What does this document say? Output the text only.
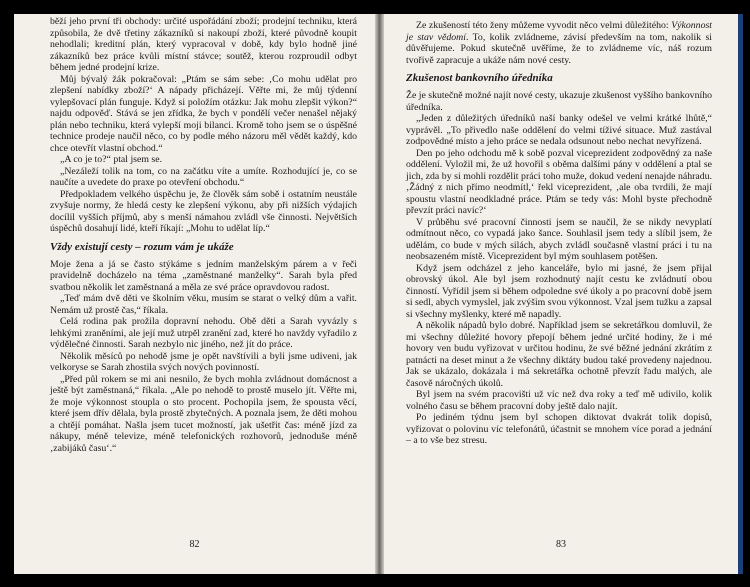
běží jeho první tři obchody: určité uspořádání zboží; prodejní techniku, která způsobila, že dvě třetiny zákazníků si nakoupí zboží, které původně koupit nehodlali; kreditní plán, který vypracoval v době, kdy bylo hodně jiné zákazníků bez práce kvůli místní stávce; soutěž, kterou rozproudil odbyt během jedné prodejní krize.

Můj bývalý žák pokračoval: „Ptám se sám sebe: ‚Co mohu udělat pro zlepšení nabídky zboží?‘ A nápady přicházejí. Věřte mi, že můj týdenní vylepšovací plán funguje. Když si položím otázku: Jak mohu zlepšit výkon?“ najdu odpověď. Stává se jen zřídka, že bych v pondělí večer nenašel nějaký plán nebo techniku, která vylepší moji bilanci. Kromě toho jsem se o úspěšné technice prodeje naučil něco, co by podle mého názoru měl vědět každý, kdo chce otevřít vlastní obchod.“

„A co je to?“ ptal jsem se.

„Nezáleží tolik na tom, co na začátku víte a umíte. Rozhodující je, co se naučíte a uvedete do praxe po otevření obchodu.“

Předpokladem velkého úspěchu je, že člověk sám sobě i ostatním neustále zvyšuje normy, že hledá cesty ke zlepšení výkonu, aby při nižších výdajích docílil vyšších příjmů, aby s menší námahou zvládl vše činnosti. Největších úspěchů dosahují lidé, kteří říkají: „Mohu to udělat líp.“

Vždy existují cesty – rozum vám je ukáže

Moje žena a já se často stýkáme s jedním manželským párem a v řeči pravidelně docházelo na téma „zaměstnané manželky“. Sarah byla před svatbou několik let zaměstnaná a měla ze své práce opravdovou radost.

„Teď mám dvě děti ve školním věku, musím se starat o velký dům a vařit. Nemám už prostě čas,“ říkala.

Celá rodina pak prožila dopravní nehodu. Obě děti a Sarah vyvázly s lehkými zraněními, ale její muž utrpěl zranění zad, které ho navždy vyřadilo z výdělečné činnosti. Sarah nezbylo nic jiného, než jít do práce.

Několik měsíců po nehodě jsme je opět navštívili a byli jsme udiveni, jak velkoryse se Sarah zhostila svých nových povinností.

„Před půl rokem se mi ani nesnilo, že bych mohla zvládnout domácnost a ještě být zaměstnaná,“ říkala. „Ale po nehodě to prostě muselo jít. Věřte mi, že moje výkonnost stoupla o sto procent. Pochopila jsem, že spousta věcí, které jsem dřív dělala, byla prostě zbytečných. A poznala jsem, že děti mohou a chtějí pomáhat. Našla jsem tucet možností, jak ušetřit čas: méně jízd za nákupy, méně televize, méně telefonických rozhovorů, jednoduše méně ‚zabijáků času‘.“

82

Ze zkušeností této ženy můžeme vyvodit něco velmi důležitého: Výkonnost je stav vědomí. To, kolik zvládneme, závisí především na tom, nakolik si důvěřujeme. Pokud skutečně uvěříme, že to zvládneme víc, náš rozum tvořivě zapracuje a ukáže nám nové cesty.

Zkušenost bankovního úředníka

Že je skutečně možné najít nové cesty, ukazuje zkušenost vyššího bankovního úředníka.

„Jeden z důležitých úředníků naší banky odešel ve velmi krátké lhůtě,“ vyprávěl. „To přivedlo naše oddělení do velmi tíživé situace. Muž zastával zodpovědné místo a jeho práce se nedala odsunout nebo nechat nevyřízená.

Den po jeho odchodu mě k sobě pozval viceprezident zodpovědný za naše oddělení. Vyložil mi, že už hovořil s oběma dalšími pány v oddělení a ptal se jich, zda by si mohli rozdělit práci toho muže, dokud vedení nenajde náhradu. ‚Žádný z nich přímo neodmítl,‘ řekl viceprezident, ‚ale oba tvrdili, že mají spoustu vlastní neodkladné práce. Ptám se tedy vás: Mohl byste přechodně převzít práci navíc?‘

V průběhu své pracovní činnosti jsem se naučil, že se nikdy nevyplatí odmítnout něco, co vypadá jako šance. Souhlasil jsem tedy a slíbil jsem, že udělám, co bude v mých silách, abych zvládl současně vlastní práci i tu na neobsazeném místě. Viceprezident byl mým souhlasem potěšen.

Když jsem odcházel z jeho kanceláře, bylo mi jasné, že jsem přijal obrovský úkol. Ale byl jsem rozhodnutý najít cestu ke zvládnutí obou činností. Vyřídil jsem si během odpoledne své úkoly a po pracovní době jsem si sedl, abych vymyslel, jak zvýšim svou výkonnost. Vzal jsem tužku a zapsal si všechny myšlenky, které mě napadly.

A několik nápadů bylo dobré. Například jsem se sekretářkou domluvil, že mi všechny důležité hovory přepojí během jedné určité hodiny, že i mé hovory ven budu vyřizovat v určitou hodinu, že své běžné jednání zkrátím z patnácti na deset minut a že všechny diktáty budou také provedeny najednou. Jak se ukázalo, dokázala i má sekretářka ochotně převzít řadu malých, ale časově náročných úkolů.

Byl jsem na svém pracovišti už víc než dva roky a teď mě udivilo, kolik volného času se během pracovní doby ještě dalo najít.

Po jediném týdnu jsem byl schopen diktovat dvakrát tolik dopisů, vyřizovat o polovinu víc telefonátů, účastnit se mnohem více porad a jednání – a to vše bez stresu.

83
